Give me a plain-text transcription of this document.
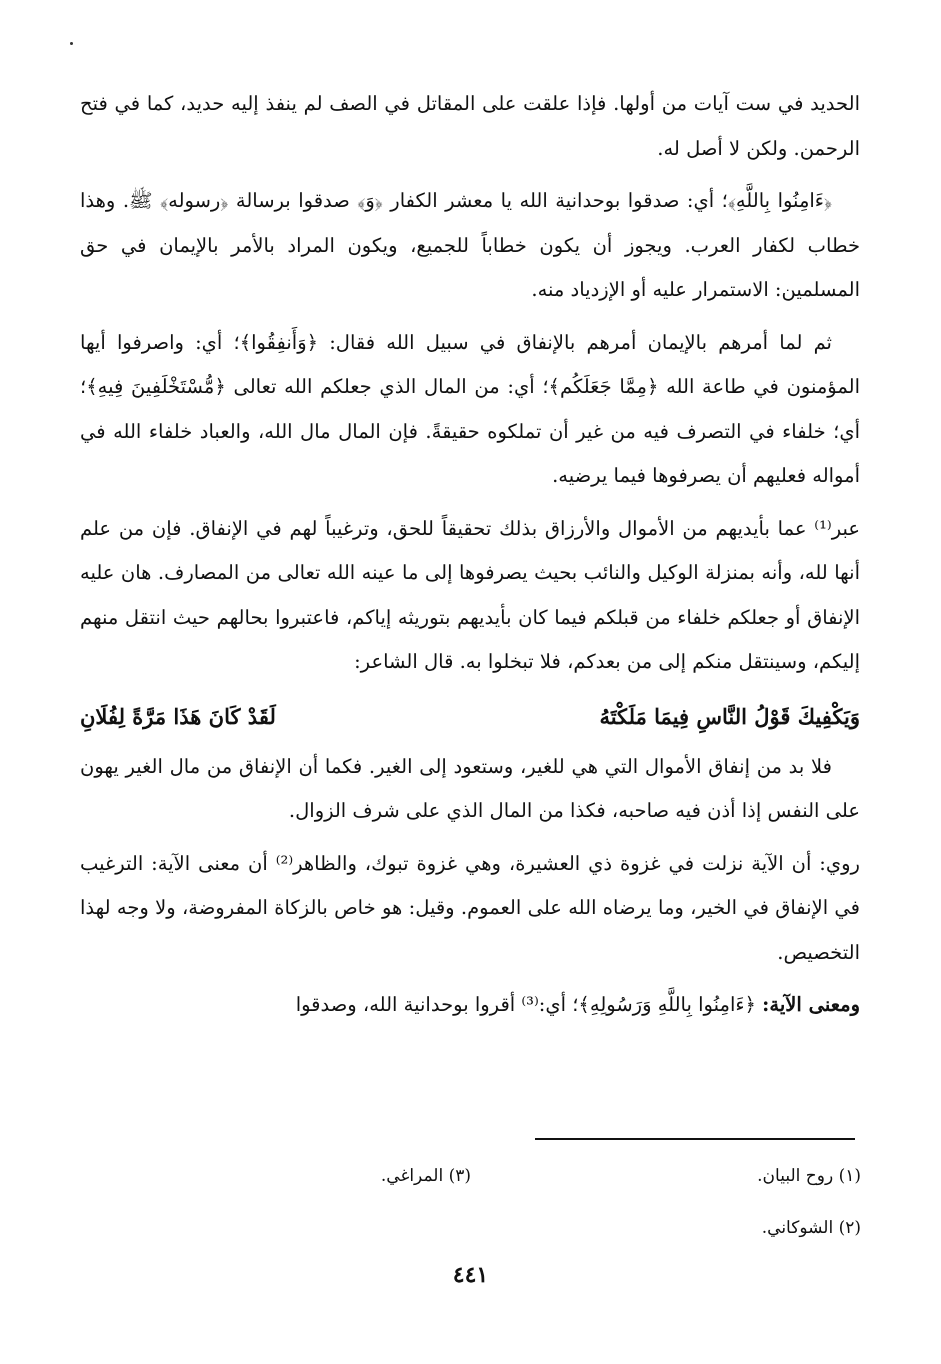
الحديد في ست آيات من أولها. فإذا علقت على المقاتل في الصف لم ينفذ إليه حديد، كما في فتح الرحمن. ولكن لا أصل له.

﴿ءَامِنُوا بِاللَّهِ﴾؛ أي: صدقوا بوحدانية الله يا معشر الكفار ﴿وَ﴾ صدقوا برسالة ﴿رسوله﴾ ﷺ. وهذا خطاب لكفار العرب. ويجوز أن يكون خطاباً للجميع، ويكون المراد بالأمر بالإيمان في حق المسلمين: الاستمرار عليه أو الإزدياد منه.

ثم لما أمرهم بالإيمان أمرهم بالإنفاق في سبيل الله فقال: ﴿وَأَنفِقُوا﴾؛ أي: واصرفوا أيها المؤمنون في طاعة الله ﴿مِمَّا جَعَلَكُم﴾؛ أي: من المال الذي جعلكم الله تعالى ﴿مُّسْتَخْلَفِينَ فِيهِ﴾؛ أي؛ خلفاء في التصرف فيه من غير أن تملكوه حقيقةً. فإن المال مال الله، والعباد خلفاء الله في أمواله فعليهم أن يصرفوها فيما يرضيه.

عبر⁽¹⁾ عما بأيديهم من الأموال والأرزاق بذلك تحقيقاً للحق، وترغيباً لهم في الإنفاق. فإن من علم أنها لله، وأنه بمنزلة الوكيل والنائب بحيث يصرفوها إلى ما عينه الله تعالى من المصارف. هان عليه الإنفاق أو جعلكم خلفاء من قبلكم فيما كان بأيديهم بتوريثه إياكم، فاعتبروا بحالهم حيث انتقل منهم إليكم، وسينتقل منكم إلى من بعدكم، فلا تبخلوا به. قال الشاعر:

وَيَكْفِيكَ قَوْلُ النَّاسِ فِيمَا مَلَكْتَهُ
لَقَدْ كَانَ هَذَا مَرَّةً لِفُلَانِ

فلا بد من إنفاق الأموال التي هي للغير، وستعود إلى الغير. فكما أن الإنفاق من مال الغير يهون على النفس إذا أذن فيه صاحبه، فكذا من المال الذي على شرف الزوال.

روي: أن الآية نزلت في غزوة ذي العشيرة، وهي غزوة تبوك، والظاهر⁽²⁾ أن معنى الآية: الترغيب في الإنفاق في الخير، وما يرضاه الله على العموم. وقيل: هو خاص بالزكاة المفروضة، ولا وجه لهذا التخصيص.

ومعنى الآية: ﴿ءَامِنُوا بِاللَّهِ وَرَسُولِهِ﴾؛ أي:⁽³⁾ أقروا بوحدانية الله، وصدقوا

(١) روح البيان.
(٣) المراغي.
(٢) الشوكاني.
٤٤١
